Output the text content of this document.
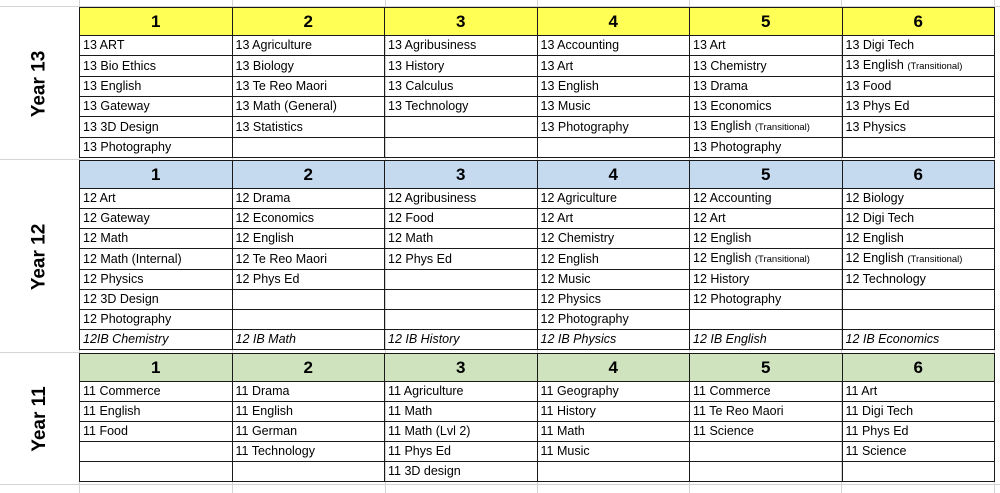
Year 13
1	2	3	4	5	6
13 ART	13 Agriculture	13 Agribusiness	13 Accounting	13 Art	13 Digi Tech
13 Bio Ethics	13 Biology	13 History	13 Art	13 Chemistry	13 English (Transitional)
13 English	13 Te Reo Maori	13 Calculus	13 English	13 Drama	13 Food
13 Gateway	13 Math (General)	13 Technology	13 Music	13 Economics	13 Phys Ed
13 3D Design	13 Statistics		13 Photography	13 English (Transitional)	13 Physics
13 Photography				13 Photography	
Year 12
1	2	3	4	5	6
12 Art	12 Drama	12 Agribusiness	12 Agriculture	12 Accounting	12 Biology
12 Gateway	12 Economics	12 Food	12 Art	12 Art	12 Digi Tech
12 Math	12 English	12 Math	12 Chemistry	12 English	12 English
12 Math (Internal)	12 Te Reo Maori	12 Phys Ed	12 English	12 English (Transitional)	12 English (Transitional)
12 Physics	12 Phys Ed		12 Music	12 History	12 Technology
12 3D Design			12 Physics	12 Photography	
12 Photography			12 Photography		
12IB Chemistry	12 IB Math	12 IB History	12 IB Physics	12 IB English	12 IB Economics
Year 11
1	2	3	4	5	6
11 Commerce	11 Drama	11 Agriculture	11 Geography	11 Commerce	11 Art
11 English	11 English	11 Math	11 History	11 Te Reo Maori	11 Digi Tech
11 Food	11 German	11 Math (Lvl 2)	11 Math	11 Science	11 Phys Ed
	11 Technology	11 Phys Ed	11 Music		11 Science
		11 3D design			
